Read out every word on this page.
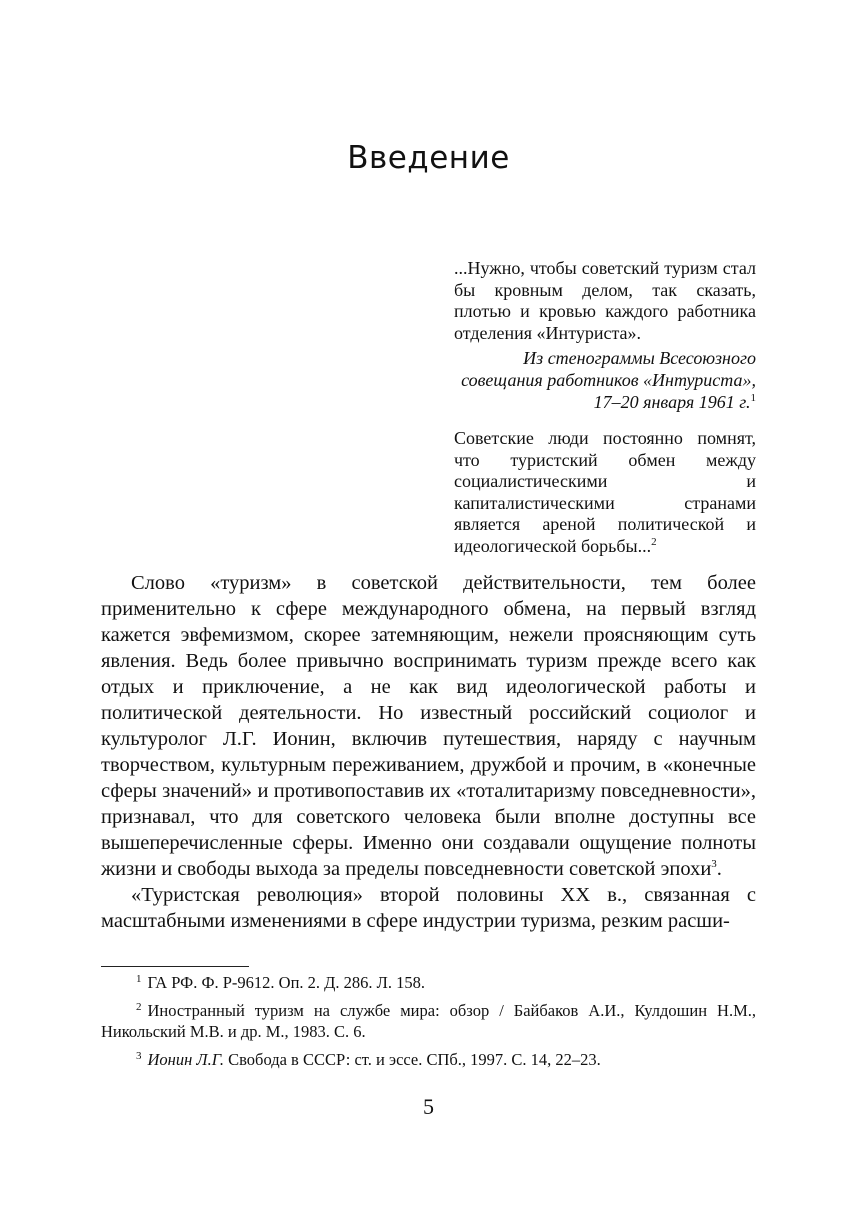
Введение
...Нужно, чтобы советский туризм стал бы кровным делом, так сказать, плотью и кровью каждого работника отделения «Интуриста».
Из стенограммы Всесоюзного совещания работников «Интуриста», 17–20 января 1961 г.$^1$
Советские люди постоянно помнят, что туристский обмен между социалистическими и капиталистическими странами является ареной политической и идеологической борьбы...$^2$

Слово «туризм» в советской действительности, тем более применительно к сфере международного обмена, на первый взгляд кажется эвфемизмом, скорее затемняющим, нежели проясняющим суть явления. Ведь более привычно воспринимать туризм прежде всего как отдых и приключение, а не как вид идеологической работы и политической деятельности. Но известный российский социолог и культуролог Л.Г. Ионин, включив путешествия, наряду с научным творчеством, культурным переживанием, дружбой и прочим, в «конечные сферы значений» и противопоставив их «тоталитаризму повседневности», признавал, что для советского человека были вполне доступны все вышеперечисленные сферы. Именно они создавали ощущение полноты жизни и свободы выхода за пределы повседневности советской эпохи$^3$.

«Туристская революция» второй половины XX в., связанная с масштабными изменениями в сфере индустрии туризма, резким расши-

$^1$ ГА РФ. Ф. Р-9612. Оп. 2. Д. 286. Л. 158.

$^2$ Иностранный туризм на службе мира: обзор / Байбаков А.И., Кулдошин Н.М., Никольский М.В. и др. М., 1983. С. 6.

$^3$ Ионин Л.Г. Свобода в СССР: ст. и эссе. СПб., 1997. С. 14, 22–23.

5
